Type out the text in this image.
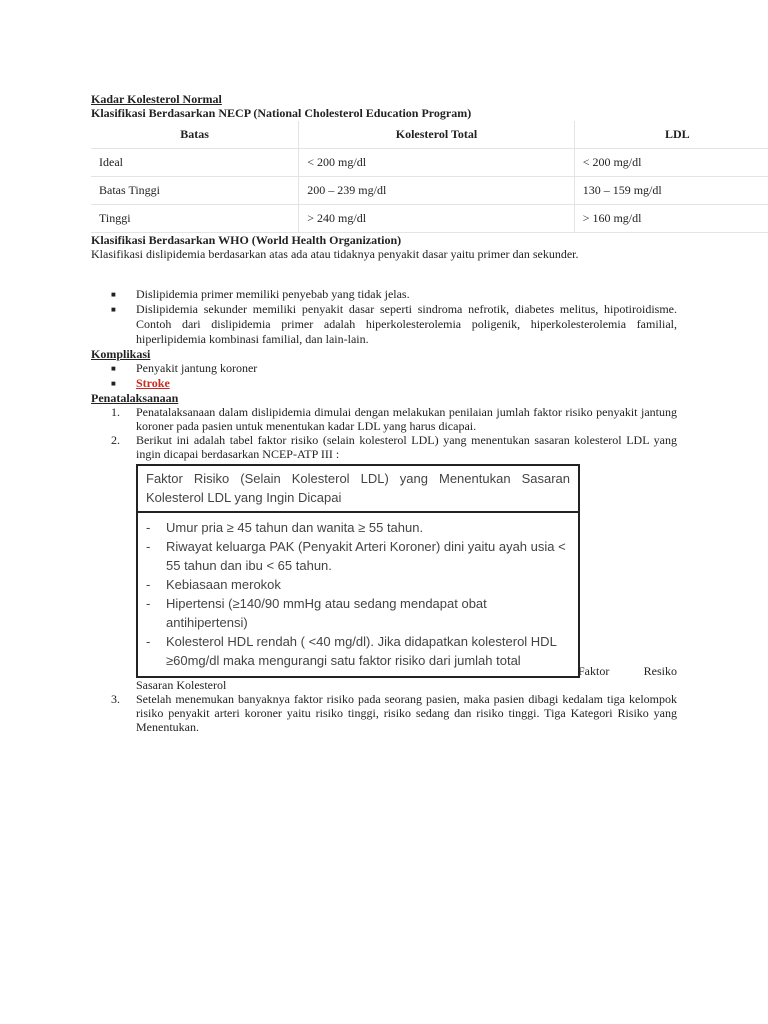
Kadar Kolesterol Normal

Klasifikasi Berdasarkan NECP (National Cholesterol Education Program)

Batas	Kolesterol Total	LDL
Ideal	< 200 mg/dl	< 200 mg/dl
Batas Tinggi	200 – 239 mg/dl	130 – 159 mg/dl
Tinggi	> 240 mg/dl	> 160 mg/dl

Klasifikasi Berdasarkan WHO (World Health Organization)

Klasifikasi dislipidemia berdasarkan atas ada atau tidaknya penyakit dasar yaitu primer dan sekunder.

■ Dislipidemia primer memiliki penyebab yang tidak jelas.
■ Dislipidemia sekunder memiliki penyakit dasar seperti sindroma nefrotik, diabetes melitus, hipotiroidisme. Contoh dari dislipidemia primer adalah hiperkolesterolemia poligenik, hiperkolesterolemia familial, hiperlipidemia kombinasi familial, dan lain-lain.

Komplikasi

■ Penyakit jantung koroner
■ Stroke

Penatalaksanaan

1. Penatalaksanaan dalam dislipidemia dimulai dengan melakukan penilaian jumlah faktor risiko penyakit jantung koroner pada pasien untuk menentukan kadar LDL yang harus dicapai.
2. Berikut ini adalah tabel faktor risiko (selain kolesterol LDL) yang menentukan sasaran kolesterol LDL yang ingin dicapai berdasarkan NCEP-ATP III :
Faktor Risiko (Selain Kolesterol LDL) yang Menentukan Sasaran Kolesterol LDL yang Ingin Dicapai
- Umur pria ≥ 45 tahun dan wanita ≥ 55 tahun.
- Riwayat keluarga PAK (Penyakit Arteri Koroner) dini yaitu ayah usia < 55 tahun dan ibu < 65 tahun.
- Kebiasaan merokok
- Hipertensi (≥140/90 mmHg atau sedang mendapat obat antihipertensi)
- Kolesterol HDL rendah ( <40 mg/dl). Jika didapatkan kolesterol HDL ≥60mg/dl maka mengurangi satu faktor risiko dari jumlah total
Faktor Resiko

Sasaran Kolesterol
3. Setelah menemukan banyaknya faktor risiko pada seorang pasien, maka pasien dibagi kedalam tiga kelompok risiko penyakit arteri koroner yaitu risiko tinggi, risiko sedang dan risiko tinggi. Tiga Kategori Risiko yang Menentukan.
